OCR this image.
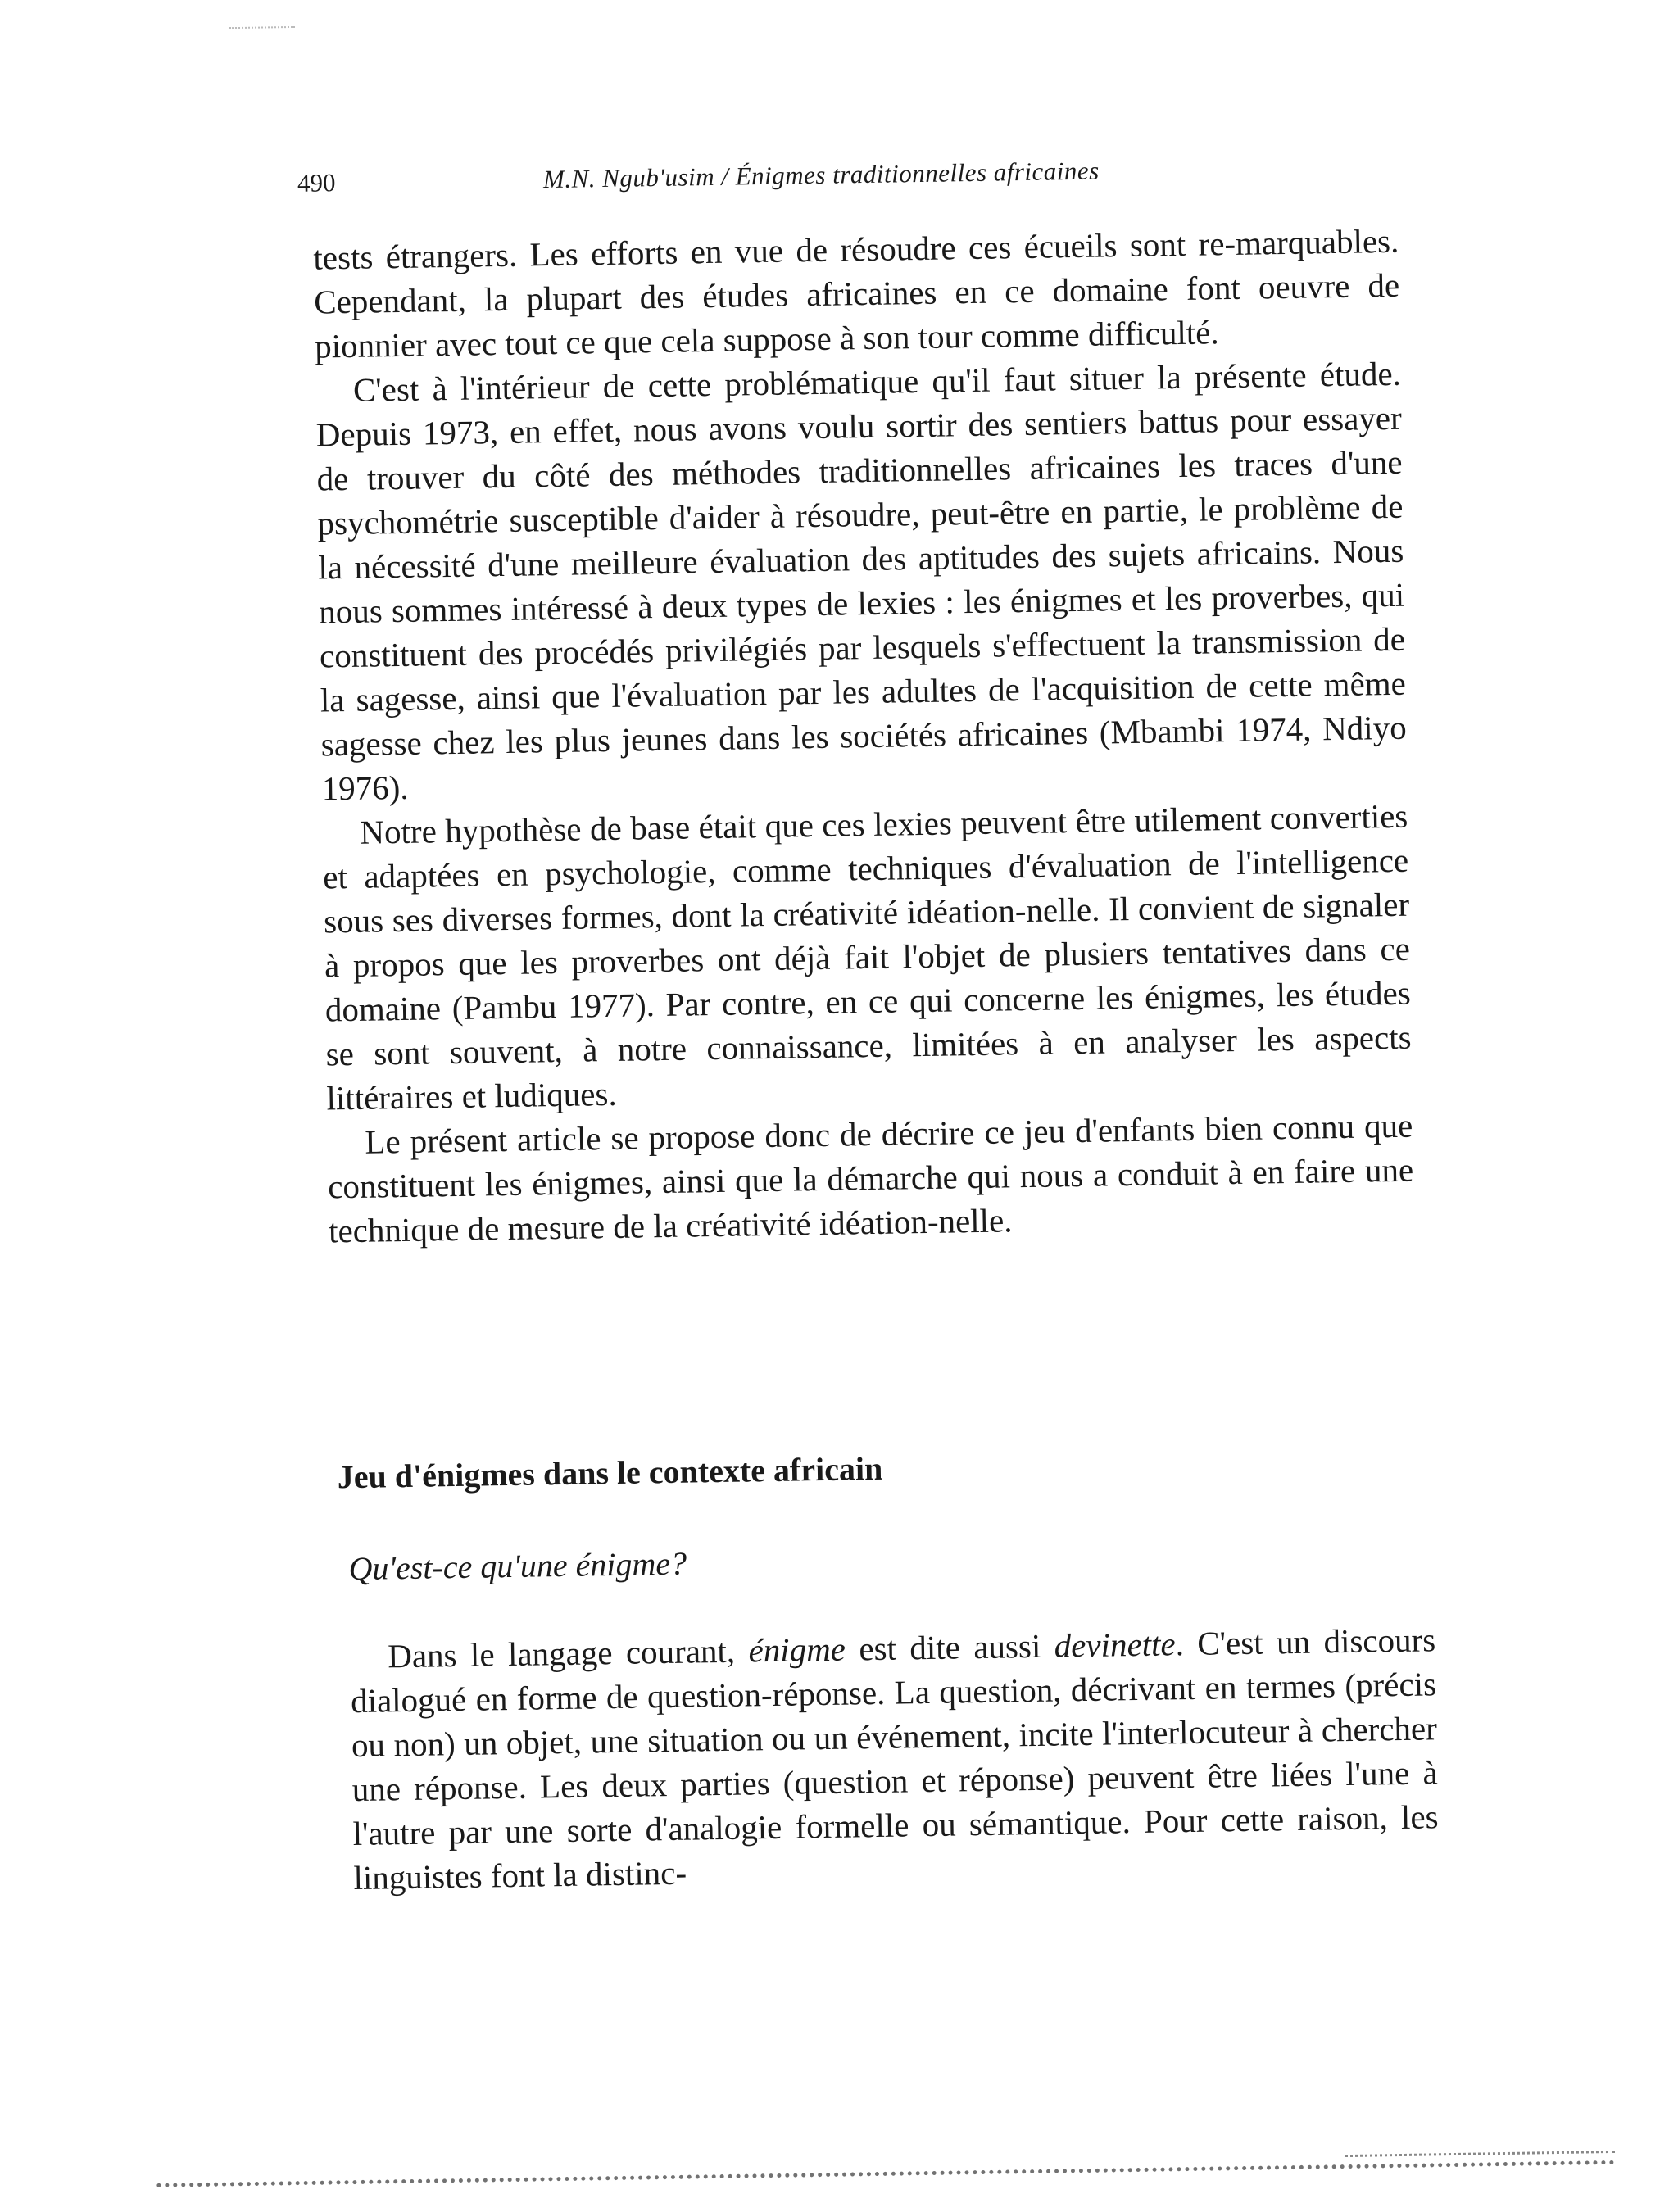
490	M.N. Ngub'usim / Énigmes traditionnelles africaines

tests étrangers. Les efforts en vue de résoudre ces écueils sont re-marquables. Cependant, la plupart des études africaines en ce domaine font oeuvre de pionnier avec tout ce que cela suppose à son tour comme difficulté.

C'est à l'intérieur de cette problématique qu'il faut situer la présente étude. Depuis 1973, en effet, nous avons voulu sortir des sentiers battus pour essayer de trouver du côté des méthodes traditionnelles africaines les traces d'une psychométrie susceptible d'aider à résoudre, peut-être en partie, le problème de la nécessité d'une meilleure évaluation des aptitudes des sujets africains. Nous nous sommes intéressé à deux types de lexies : les énigmes et les proverbes, qui constituent des procédés privilégiés par lesquels s'effectuent la transmission de la sagesse, ainsi que l'évaluation par les adultes de l'acquisition de cette même sagesse chez les plus jeunes dans les sociétés africaines (Mbambi 1974, Ndiyo 1976).

Notre hypothèse de base était que ces lexies peuvent être utilement converties et adaptées en psychologie, comme techniques d'évaluation de l'intelligence sous ses diverses formes, dont la créativité idéation-nelle. Il convient de signaler à propos que les proverbes ont déjà fait l'objet de plusiers tentatives dans ce domaine (Pambu 1977). Par contre, en ce qui concerne les énigmes, les études se sont souvent, à notre connaissance, limitées à en analyser les aspects littéraires et ludiques.

Le présent article se propose donc de décrire ce jeu d'enfants bien connu que constituent les énigmes, ainsi que la démarche qui nous a conduit à en faire une technique de mesure de la créativité idéation-nelle.

Jeu d'énigmes dans le contexte africain
Qu'est-ce qu'une énigme?

Dans le langage courant, énigme est dite aussi devinette. C'est un discours dialogué en forme de question-réponse. La question, décrivant en termes (précis ou non) un objet, une situation ou un événement, incite l'interlocuteur à chercher une réponse. Les deux parties (question et réponse) peuvent être liées l'une à l'autre par une sorte d'analogie formelle ou sémantique. Pour cette raison, les linguistes font la distinc-
